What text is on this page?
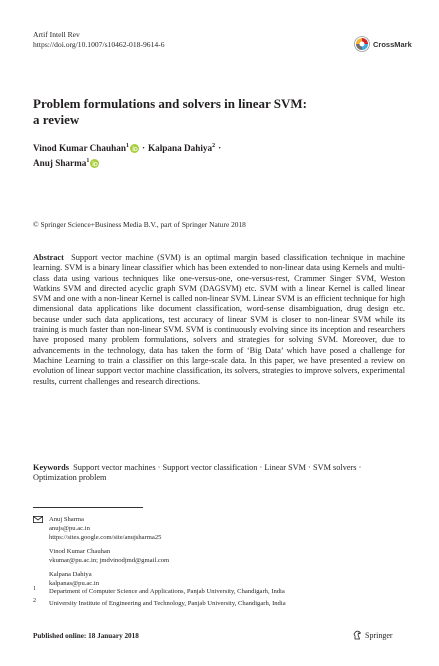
Artif Intell Rev
https://doi.org/10.1007/s10462-018-9614-6	CrossMark
Problem formulations and solvers in linear SVM:
a review
Vinod Kumar Chauhan$^1$ · Kalpana Dahiya$^2$ ·
Anuj Sharma$^1$
© Springer Science+Business Media B.V., part of Springer Nature 2018
Abstract Support vector machine (SVM) is an optimal margin based classification technique in machine learning. SVM is a binary linear classifier which has been extended to non-linear data using Kernels and multi-class data using various techniques like one-versus-one, one-versus-rest, Crammer Singer SVM, Weston Watkins SVM and directed acyclic graph SVM (DAGSVM) etc. SVM with a linear Kernel is called linear SVM and one with a non-linear Kernel is called non-linear SVM. Linear SVM is an efficient technique for high dimensional data applications like document classification, word-sense disambiguation, drug design etc. because under such data applications, test accuracy of linear SVM is closer to non-linear SVM while its training is much faster than non-linear SVM. SVM is continuously evolving since its inception and researchers have proposed many problem formulations, solvers and strategies for solving SVM. Moreover, due to advancements in the technology, data has taken the form of ‘Big Data’ which have posed a challenge for Machine Learning to train a classifier on this large-scale data. In this paper, we have presented a review on evolution of linear support vector machine classification, its solvers, strategies to improve solvers, experimental results, current challenges and research directions.
Keywords Support vector machines · Support vector classification · Linear SVM · SVM solvers · Optimization problem
Anuj Sharma
anujs@pu.ac.in
https://sites.google.com/site/anujsharma25
Vinod Kumar Chauhan
vkumar@pu.ac.in; jmdvinodjmd@gmail.com
Kalpana Dahiya
kalpanas@pu.ac.in
1 Department of Computer Science and Applications, Panjab University, Chandigarh, India
2 University Institute of Engineering and Technology, Panjab University, Chandigarh, India
Published online: 18 January 2018	Springer
